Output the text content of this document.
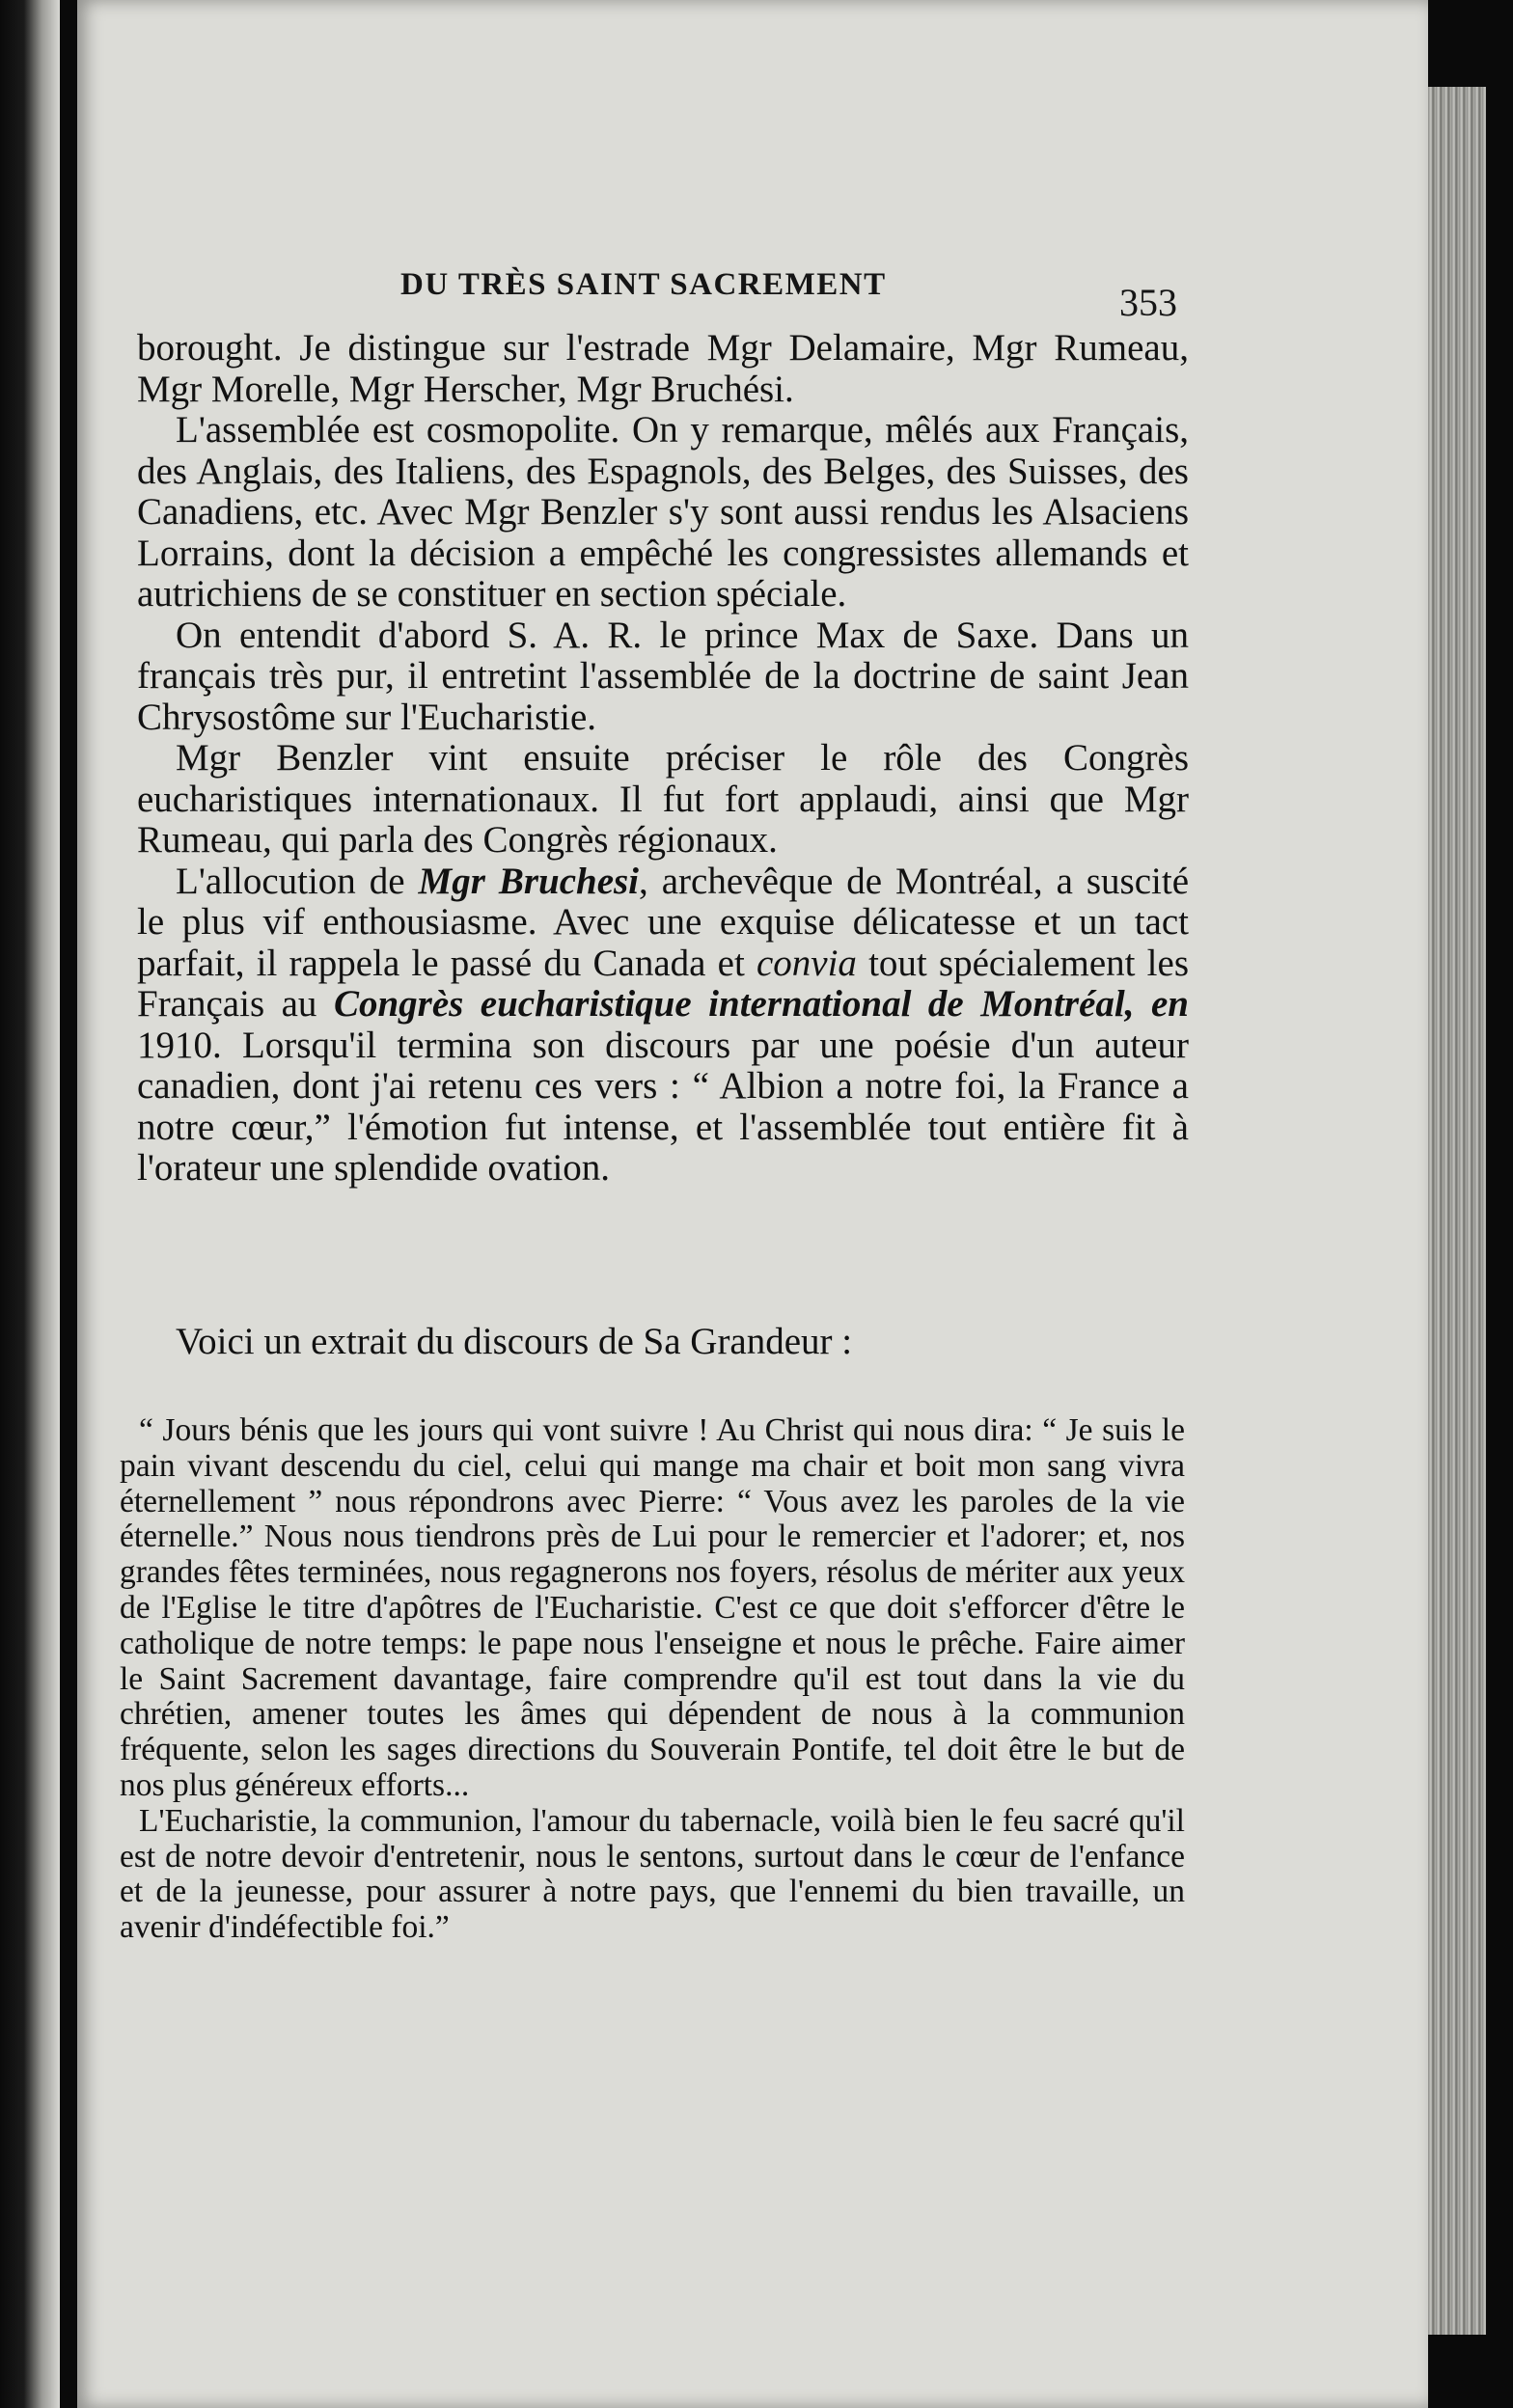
DU TRÈS SAINT SACREMENT	353

borought. Je distingue sur l'estrade Mgr Delamaire, Mgr Rumeau, Mgr Morelle, Mgr Herscher, Mgr Bruchési.

L'assemblée est cosmopolite. On y remarque, mêlés aux Français, des Anglais, des Italiens, des Espagnols, des Belges, des Suisses, des Canadiens, etc. Avec Mgr Benzler s'y sont aussi rendus les Alsaciens Lorrains, dont la décision a empêché les congressistes allemands et autrichiens de se constituer en section spéciale.

On entendit d'abord S. A. R. le prince Max de Saxe. Dans un français très pur, il entretint l'assemblée de la doctrine de saint Jean Chrysostôme sur l'Eucharistie.

Mgr Benzler vint ensuite préciser le rôle des Congrès eucharistiques internationaux. Il fut fort applaudi, ainsi que Mgr Rumeau, qui parla des Congrès régionaux.

L'allocution de Mgr Bruchesi, archevêque de Montréal, a suscité le plus vif enthousiasme. Avec une exquise délicatesse et un tact parfait, il rappela le passé du Canada et convia tout spécialement les Français au Congrès eucharistique international de Montréal, en 1910. Lorsqu'il termina son discours par une poésie d'un auteur canadien, dont j'ai retenu ces vers : “ Albion a notre foi, la France a notre cœur,” l'émotion fut intense, et l'assemblée tout entière fit à l'orateur une splendide ovation.

Voici un extrait du discours de Sa Grandeur :

“ Jours bénis que les jours qui vont suivre ! Au Christ qui nous dira: “ Je suis le pain vivant descendu du ciel, celui qui mange ma chair et boit mon sang vivra éternellement ” nous répondrons avec Pierre: “ Vous avez les paroles de la vie éternelle.” Nous nous tiendrons près de Lui pour le remercier et l'adorer; et, nos grandes fêtes terminées, nous regagnerons nos foyers, résolus de mériter aux yeux de l'Eglise le titre d'apôtres de l'Eucharistie. C'est ce que doit s'efforcer d'être le catholique de notre temps: le pape nous l'enseigne et nous le prêche. Faire aimer le Saint Sacrement davantage, faire comprendre qu'il est tout dans la vie du chrétien, amener toutes les âmes qui dépendent de nous à la communion fréquente, selon les sages directions du Souverain Pontife, tel doit être le but de nos plus généreux efforts...

L'Eucharistie, la communion, l'amour du tabernacle, voilà bien le feu sacré qu'il est de notre devoir d'entretenir, nous le sentons, surtout dans le cœur de l'enfance et de la jeunesse, pour assurer à notre pays, que l'ennemi du bien travaille, un avenir d'indéfectible foi.”
